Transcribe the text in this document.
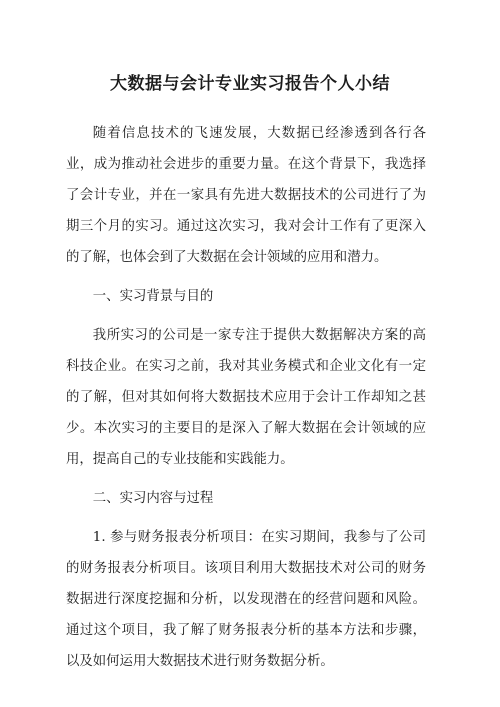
大数据与会计专业实习报告个人小结

随着信息技术的飞速发展，大数据已经渗透到各行各业，成为推动社会进步的重要力量。在这个背景下，我选择了会计专业，并在一家具有先进大数据技术的公司进行了为期三个月的实习。通过这次实习，我对会计工作有了更深入的了解，也体会到了大数据在会计领域的应用和潜力。

一、实习背景与目的

我所实习的公司是一家专注于提供大数据解决方案的高科技企业。在实习之前，我对其业务模式和企业文化有一定的了解，但对其如何将大数据技术应用于会计工作却知之甚少。本次实习的主要目的是深入了解大数据在会计领域的应用，提高自己的专业技能和实践能力。

二、实习内容与过程

1. 参与财务报表分析项目：在实习期间，我参与了公司的财务报表分析项目。该项目利用大数据技术对公司的财务数据进行深度挖掘和分析，以发现潜在的经营问题和风险。通过这个项目，我了解了财务报表分析的基本方法和步骤，以及如何运用大数据技术进行财务数据分析。
